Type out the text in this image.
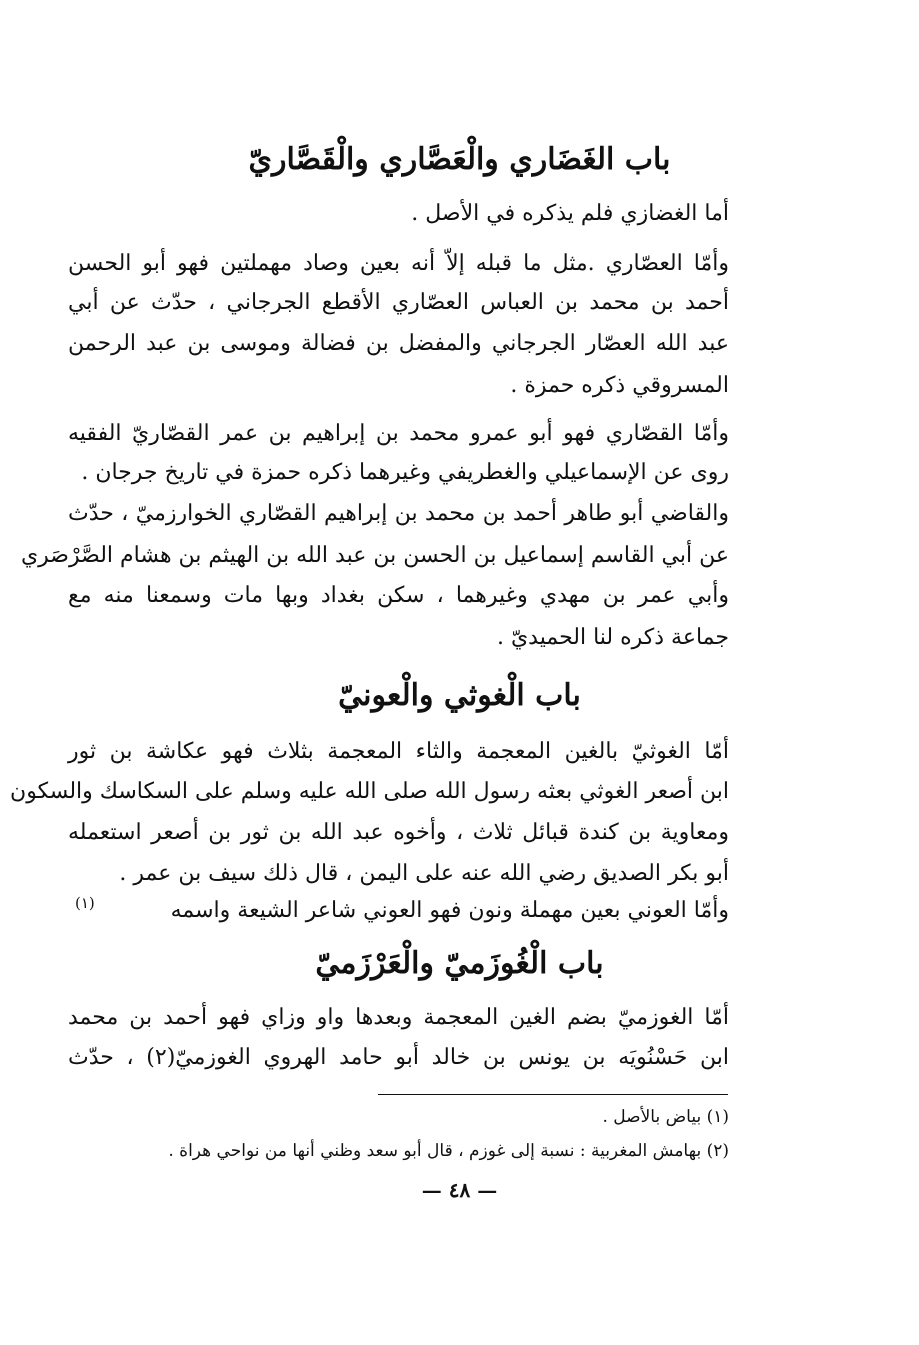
باب الغَضَاري والْعَصَّاري والْقَصَّاريّ
أما الغضازي فلم يذكره في الأصل .
وأمّا العصّاري .مثل ما قبله إلاّ أنه بعين وصاد مهملتين فهو أبو الحسن
أحمد بن محمد بن العباس العصّاري الأقطع الجرجاني ، حدّث عن أبي
عبد الله العصّار الجرجاني والمفضل بن فضالة وموسى بن عبد الرحمن
المسروقي ذكره حمزة .
وأمّا القصّاري فهو أبو عمرو محمد بن إبراهيم بن عمر القصّاريّ الفقيه
روى عن الإسماعيلي والغطريفي وغيرهما ذكره حمزة في تاريخ جرجان .
والقاضي أبو طاهر أحمد بن محمد بن إبراهيم القصّاري الخوارزميّ ، حدّث
عن أبي القاسم إسماعيل بن الحسن بن عبد الله بن الهيثم بن هشام الصَّرْصَري
وأبي عمر بن مهدي وغيرهما ، سكن بغداد وبها مات وسمعنا منه مع
جماعة ذكره لنا الحميديّ .
باب الْغوثي والْعونيّ
أمّا الغوثيّ بالغين المعجمة والثاء المعجمة بثلاث فهو عكاشة بن ثور
ابن أصعر الغوثي بعثه رسول الله صلى الله عليه وسلم على السكاسك والسكون
ومعاوية بن كندة قبائل ثلاث ، وأخوه عبد الله بن ثور بن أصعر استعمله
أبو بكر الصديق رضي الله عنه على اليمن ، قال ذلك سيف بن عمر .
وأمّا العوني بعين مهملة ونون فهو العوني شاعر الشيعة واسمه
(١)
باب الْغُوزَميّ والْعَرْزَميّ
أمّا الغوزميّ بضم الغين المعجمة وبعدها واو وزاي فهو أحمد بن محمد
ابن حَسْنُويَه بن يونس بن خالد أبو حامد الهروي الغوزميّ(٢) ، حدّث
(١) بياض بالأصل .
(٢) بهامش المغربية : نسبة إلى غوزم ، قال أبو سعد وظني أنها من نواحي هراة .
— ٤٨ —
